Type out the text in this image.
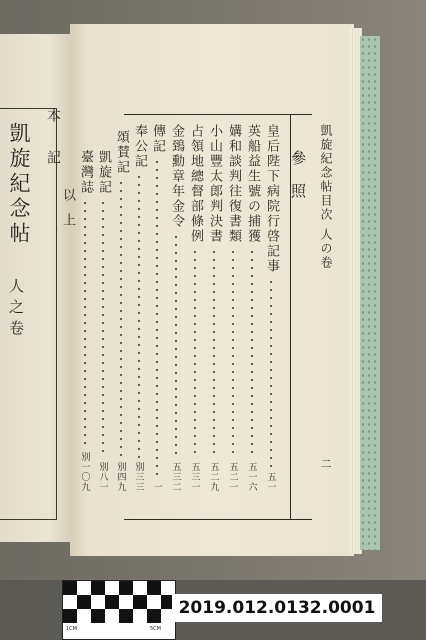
凱旋紀念帖
人之卷
本記	凱旋紀念帖目次 人の卷
二
參照
皇后陛下病院行啓記事
五一
英船益生號の捕獲
五一六
媾和談判往復書類
五二一
小山豐太郎判決書
五二九
占領地總督部條例
五三一
金鵄勳章年金令
五三二
傳記
一
奉公記
別三三
頌賛記
別四九
凱旋記
別八一
臺灣誌
別一〇九
以上
1CM	5CM
2019.012.0132.0001
